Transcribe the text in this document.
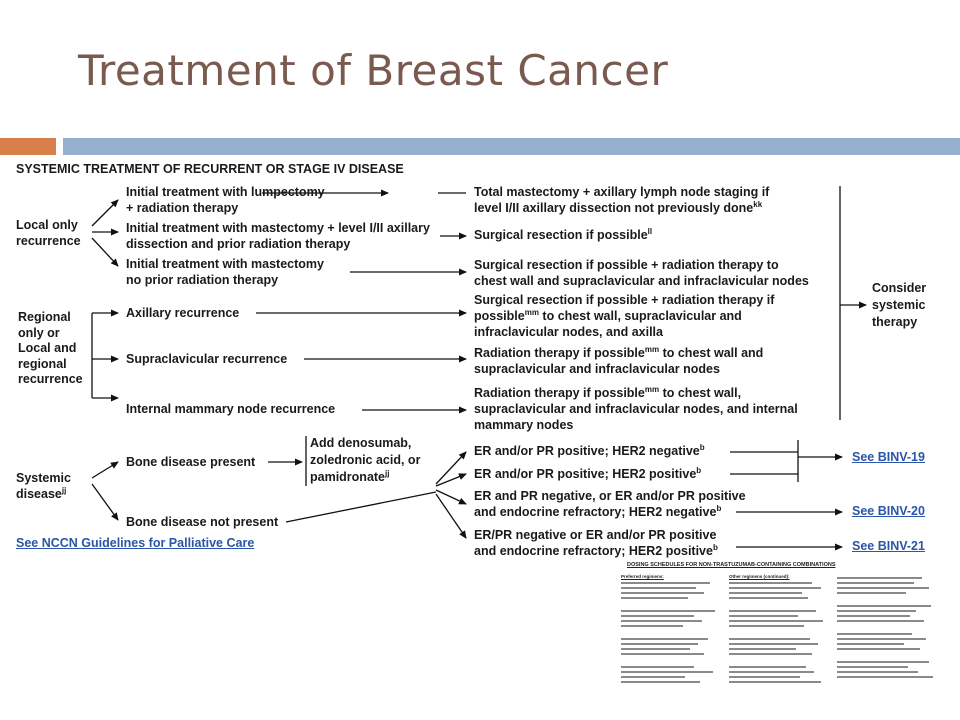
Treatment of Breast Cancer
SYSTEMIC TREATMENT OF RECURRENT OR STAGE IV DISEASE
Local only recurrence
Regional only or Local and regional recurrence
Systemic disease$^{jj}$
Initial treatment with lumpectomy
+ radiation therapy
Initial treatment with mastectomy + level I/II axillary
dissection and prior radiation therapy
Initial treatment with mastectomy
no prior radiation therapy
Axillary recurrence
Supraclavicular recurrence
Internal mammary node recurrence
Bone disease present
Bone disease not present
Add denosumab,
zoledronic acid, or
pamidronate$^{jj}$
Total mastectomy + axillary lymph node staging if
level I/II axillary dissection not previously done$^{kk}$
Surgical resection if possible$^{ll}$
Surgical resection if possible + radiation therapy to
chest wall and supraclavicular and infraclavicular nodes
Surgical resection if possible + radiation therapy if
possible$^{mm}$ to chest wall, supraclavicular and
infraclavicular nodes, and axilla
Radiation therapy if possible$^{mm}$ to chest wall and
supraclavicular and infraclavicular nodes
Radiation therapy if possible$^{mm}$ to chest wall,
supraclavicular and infraclavicular nodes, and internal
mammary nodes
ER and/or PR positive; HER2 negative$^b$
ER and/or PR positive; HER2 positive$^b$
ER and PR negative, or ER and/or PR positive
and endocrine refractory; HER2 negative$^b$
ER/PR negative or ER and/or PR positive
and endocrine refractory; HER2 positive$^b$
Consider
systemic
therapy
See BINV-19
See BINV-20
See BINV-21
See NCCN Guidelines for Palliative Care
DOSING SCHEDULES FOR NON-TRASTUZUMAB-CONTAINING COMBINATIONS
Preferred regimens:	Other regimens (continued):
